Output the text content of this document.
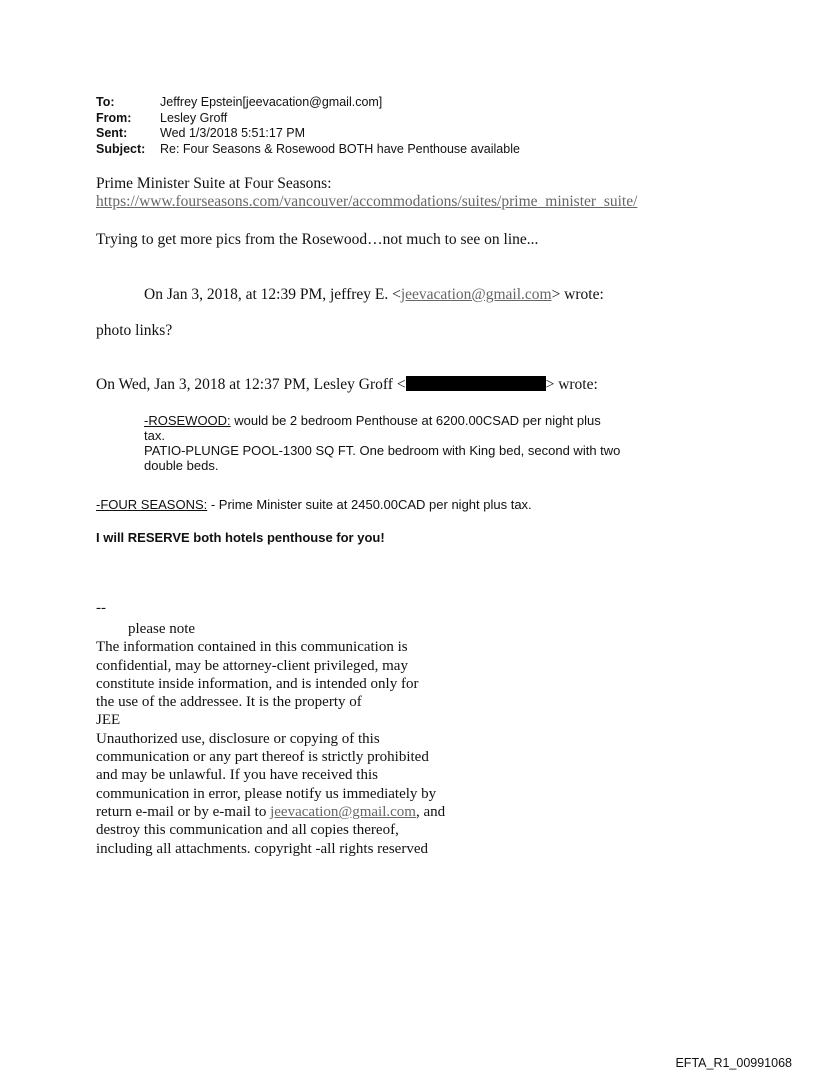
To:	Jeffrey Epstein[jeevacation@gmail.com]
From:	Lesley Groff
Sent:	Wed 1/3/2018 5:51:17 PM
Subject:	Re: Four Seasons & Rosewood BOTH have Penthouse available
Prime Minister Suite at Four Seasons:
https://www.fourseasons.com/vancouver/accommodations/suites/prime_minister_suite/
Trying to get more pics from the Rosewood…not much to see on line...
On Jan 3, 2018, at 12:39 PM, jeffrey E. <jeevacation@gmail.com> wrote:
photo links?
On Wed, Jan 3, 2018 at 12:37 PM, Lesley Groff <	> wrote:
-ROSEWOOD: would be 2 bedroom Penthouse at 6200.00CSAD per night plus
tax.
PATIO-PLUNGE POOL-1300 SQ FT. One bedroom with King bed, second with two
double beds.
-FOUR SEASONS: - Prime Minister suite at 2450.00CAD per night plus tax.
I will RESERVE both hotels penthouse for you!
--
please note
The information contained in this communication is
confidential, may be attorney-client privileged, may
constitute inside information, and is intended only for
the use of the addressee. It is the property of
JEE
Unauthorized use, disclosure or copying of this
communication or any part thereof is strictly prohibited
and may be unlawful. If you have received this
communication in error, please notify us immediately by
return e-mail or by e-mail to jeevacation@gmail.com, and
destroy this communication and all copies thereof,
including all attachments. copyright -all rights reserved
EFTA_R1_00991068
